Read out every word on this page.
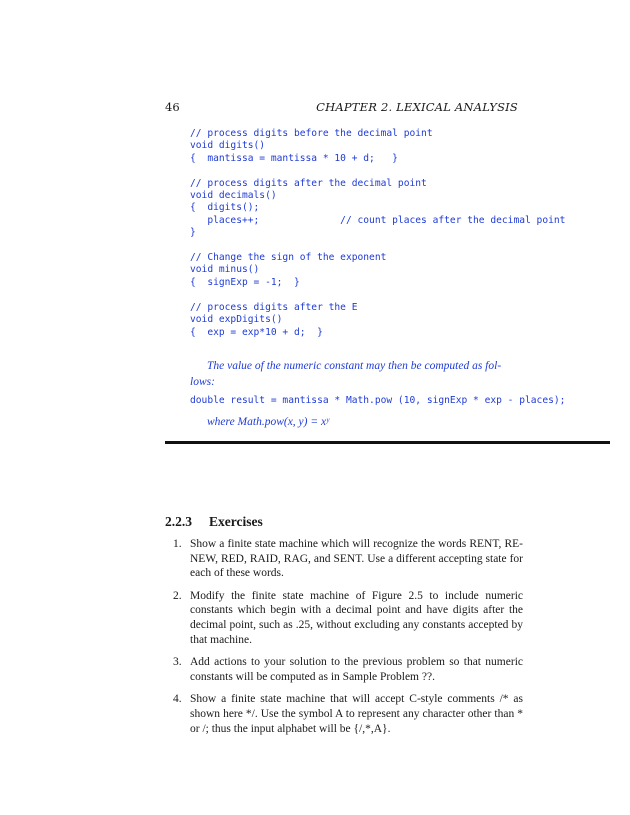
46	CHAPTER 2. LEXICAL ANALYSIS
// process digits before the decimal point
void digits()
{  mantissa = mantissa * 10 + d;   }

// process digits after the decimal point
void decimals()
{  digits();
places++;              // count places after the decimal point
}

// Change the sign of the exponent
void minus()
{  signExp = -1;  }

// process digits after the E
void expDigits()
{  exp = exp*10 + d;  }

The value of the numeric constant may then be computed as fol-lows:

double result = mantissa * Math.pow (10, signExp * exp - places);

where Math.pow(x, y) = xʸ

2.2.3 Exercises
1. Show a finite state machine which will recognize the words RENT, RE-NEW, RED, RAID, RAG, and SENT. Use a different accepting state for each of these words.
2. Modify the finite state machine of Figure 2.5 to include numeric constants which begin with a decimal point and have digits after the decimal point, such as .25, without excluding any constants accepted by that machine.
3. Add actions to your solution to the previous problem so that numeric constants will be computed as in Sample Problem ??.
4. Show a finite state machine that will accept C-style comments /* as shown here */. Use the symbol A to represent any character other than * or /; thus the input alphabet will be {/,*,A}.
